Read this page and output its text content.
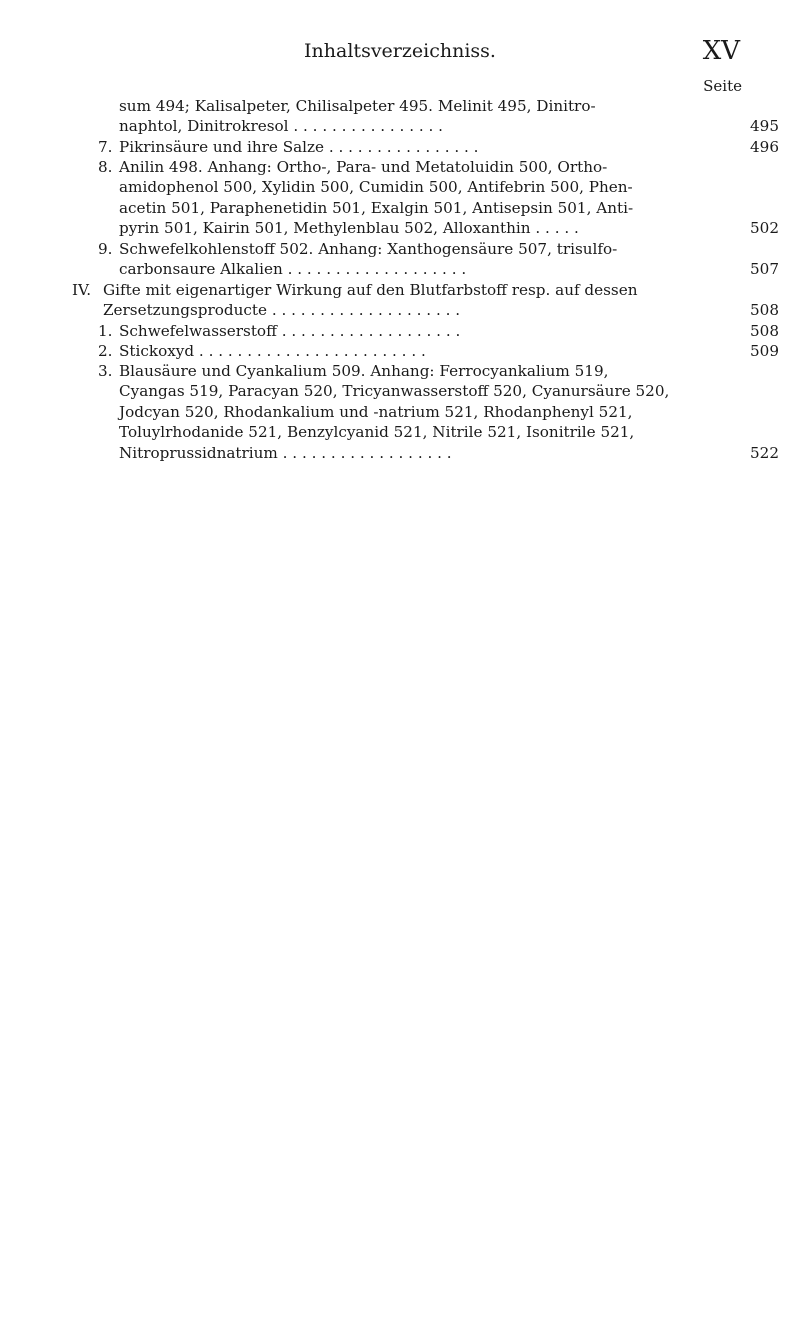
Inhaltsverzeichniss.	XV
Seite
sum 494; Kalisalpeter, Chilisalpeter 495. Melinit 495, Dinitro-
naphtol, Dinitrokresol . . . . . . . . . . . . . . . .	495
7. Pikrinsäure und ihre Salze . . . . . . . . . . . . . . . .	496
8. Anilin 498. Anhang: Ortho-, Para- und Metatoluidin 500, Ortho-
amidophenol 500, Xylidin 500, Cumidin 500, Antifebrin 500, Phen-
acetin 501, Paraphenetidin 501, Exalgin 501, Antisepsin 501, Anti-
pyrin 501, Kairin 501, Methylenblau 502, Alloxanthin . . . . .	502
9. Schwefelkohlenstoff 502. Anhang: Xanthogensäure 507, trisulfo-
carbonsaure Alkalien . . . . . . . . . . . . . . . . . . .	507
IV. Gifte mit eigenartiger Wirkung auf den Blutfarbstoff resp. auf dessen
Zersetzungsproducte . . . . . . . . . . . . . . . . . . . .	508
1. Schwefelwasserstoff . . . . . . . . . . . . . . . . . . .	508
2. Stickoxyd . . . . . . . . . . . . . . . . . . . . . . . .	509
3. Blausäure und Cyankalium 509. Anhang: Ferrocyankalium 519,
Cyangas 519, Paracyan 520, Tricyanwasserstoff 520, Cyanursäure 520,
Jodcyan 520, Rhodankalium und -natrium 521, Rhodanphenyl 521,
Toluylrhodanide 521, Benzylcyanid 521, Nitrile 521, Isonitrile 521,
Nitroprussidnatrium . . . . . . . . . . . . . . . . . .	522
